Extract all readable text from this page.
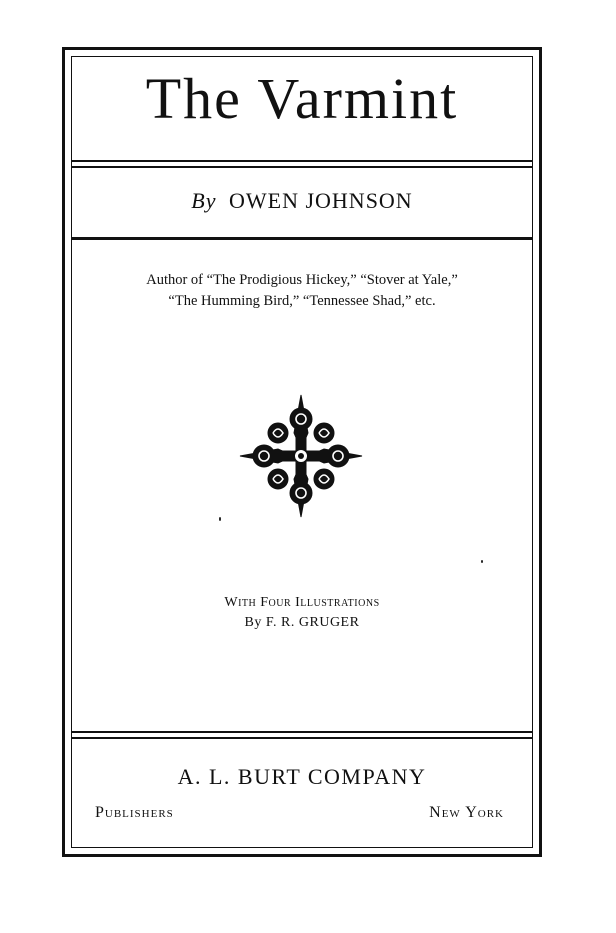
The Varmint
By OWEN JOHNSON
Author of “The Prodigious Hickey,” “Stover at Yale,”
“The Humming Bird,” “Tennessee Shad,” etc.
With Four Illustrations
By F. R. GRUGER
A. L. BURT COMPANY
Publishers	New York
